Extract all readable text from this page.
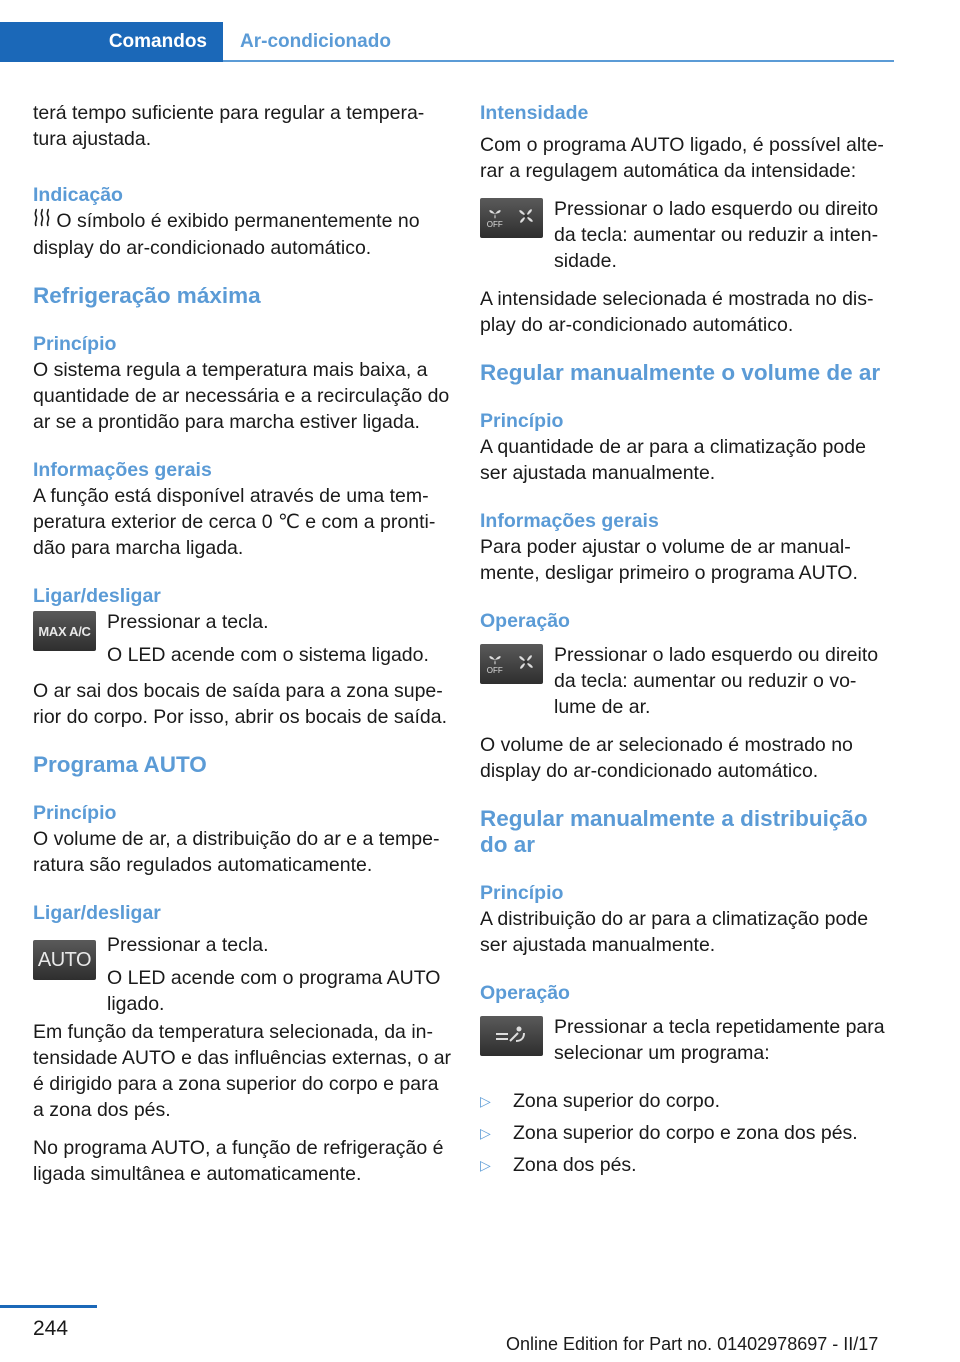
Comandos	Ar-condicionado

terá tempo suficiente para regular a tempera‐tura ajustada.

Indicação

O símbolo é exibido permanentemente no display do ar-condicionado automático.

Refrigeração máxima
Princípio

O sistema regula a temperatura mais baixa, a quantidade de ar necessária e a recirculação do ar se a prontidão para marcha estiver ligada.

Informações gerais

A função está disponível através de uma tem‐peratura exterior de cerca 0 ℃ e com a pronti‐dão para marcha ligada.

Ligar/desligar
MAX A/C Pressionar a tecla.

O LED acende com o sistema ligado.

O ar sai dos bocais de saída para a zona supe‐rior do corpo. Por isso, abrir os bocais de saída.

Programa AUTO
Princípio

O volume de ar, a distribuição do ar e a tempe‐ratura são regulados automaticamente.

Ligar/desligar
AUTO

Pressionar a tecla.

O LED acende com o programa AUTO ligado.

Em função da temperatura selecionada, da in‐tensidade AUTO e das influências externas, o ar é dirigido para a zona superior do corpo e para a zona dos pés.

No programa AUTO, a função de refrigeração é ligada simultânea e automaticamente.

Intensidade

Com o programa AUTO ligado, é possível alte‐rar a regulagem automática da intensidade:

OFF

Pressionar o lado esquerdo ou direito da tecla: aumentar ou reduzir a inten‐sidade.

A intensidade selecionada é mostrada no dis‐play do ar-condicionado automático.

Regular manualmente o volume de ar
Princípio

A quantidade de ar para a climatização pode ser ajustada manualmente.

Informações gerais

Para poder ajustar o volume de ar manual‐mente, desligar primeiro o programa AUTO.

Operação
OFF

Pressionar o lado esquerdo ou direito da tecla: aumentar ou reduzir o vo‐lume de ar.

O volume de ar selecionado é mostrado no display do ar-condicionado automático.

Regular manualmente a distribuição do ar
Princípio

A distribuição do ar para a climatização pode ser ajustada manualmente.

Operação

Pressionar a tecla repetidamente para selecionar um programa:

▷ Zona superior do corpo.
▷ Zona superior do corpo e zona dos pés.
▷ Zona dos pés.
244
Online Edition for Part no. 01402978697 - II/17
